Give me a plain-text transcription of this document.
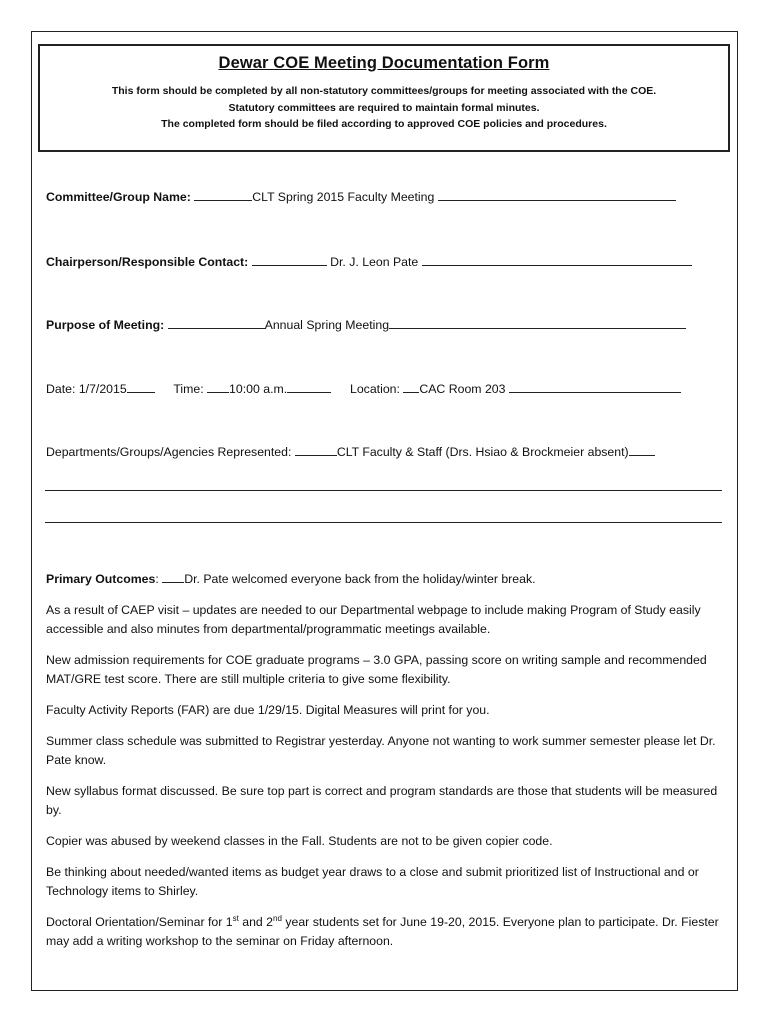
Dewar COE Meeting Documentation Form
This form should be completed by all non-statutory committees/groups for meeting associated with the COE.
Statutory committees are required to maintain formal minutes.
The completed form should be filed according to approved COE policies and procedures.
Committee/Group Name:	CLT Spring 2015 Faculty Meeting
Chairperson/Responsible Contact:	Dr. J. Leon Pate
Purpose of Meeting:	Annual Spring Meeting
Date: 1/7/2015	Time: 10:00 a.m.	Location: CAC Room 203
Departments/Groups/Agencies Represented:	CLT Faculty & Staff (Drs. Hsiao & Brockmeier absent)

Primary Outcomes: Dr. Pate welcomed everyone back from the holiday/winter break.

As a result of CAEP visit – updates are needed to our Departmental webpage to include making Program of Study easily accessible and also minutes from departmental/programmatic meetings available.

New admission requirements for COE graduate programs – 3.0 GPA, passing score on writing sample and recommended MAT/GRE test score. There are still multiple criteria to give some flexibility.

Faculty Activity Reports (FAR) are due 1/29/15. Digital Measures will print for you.

Summer class schedule was submitted to Registrar yesterday. Anyone not wanting to work summer semester please let Dr. Pate know.

New syllabus format discussed. Be sure top part is correct and program standards are those that students will be measured by.

Copier was abused by weekend classes in the Fall. Students are not to be given copier code.

Be thinking about needed/wanted items as budget year draws to a close and submit prioritized list of Instructional and or Technology items to Shirley.

Doctoral Orientation/Seminar for 1st and 2nd year students set for June 19-20, 2015. Everyone plan to participate. Dr. Fiester may add a writing workshop to the seminar on Friday afternoon.
